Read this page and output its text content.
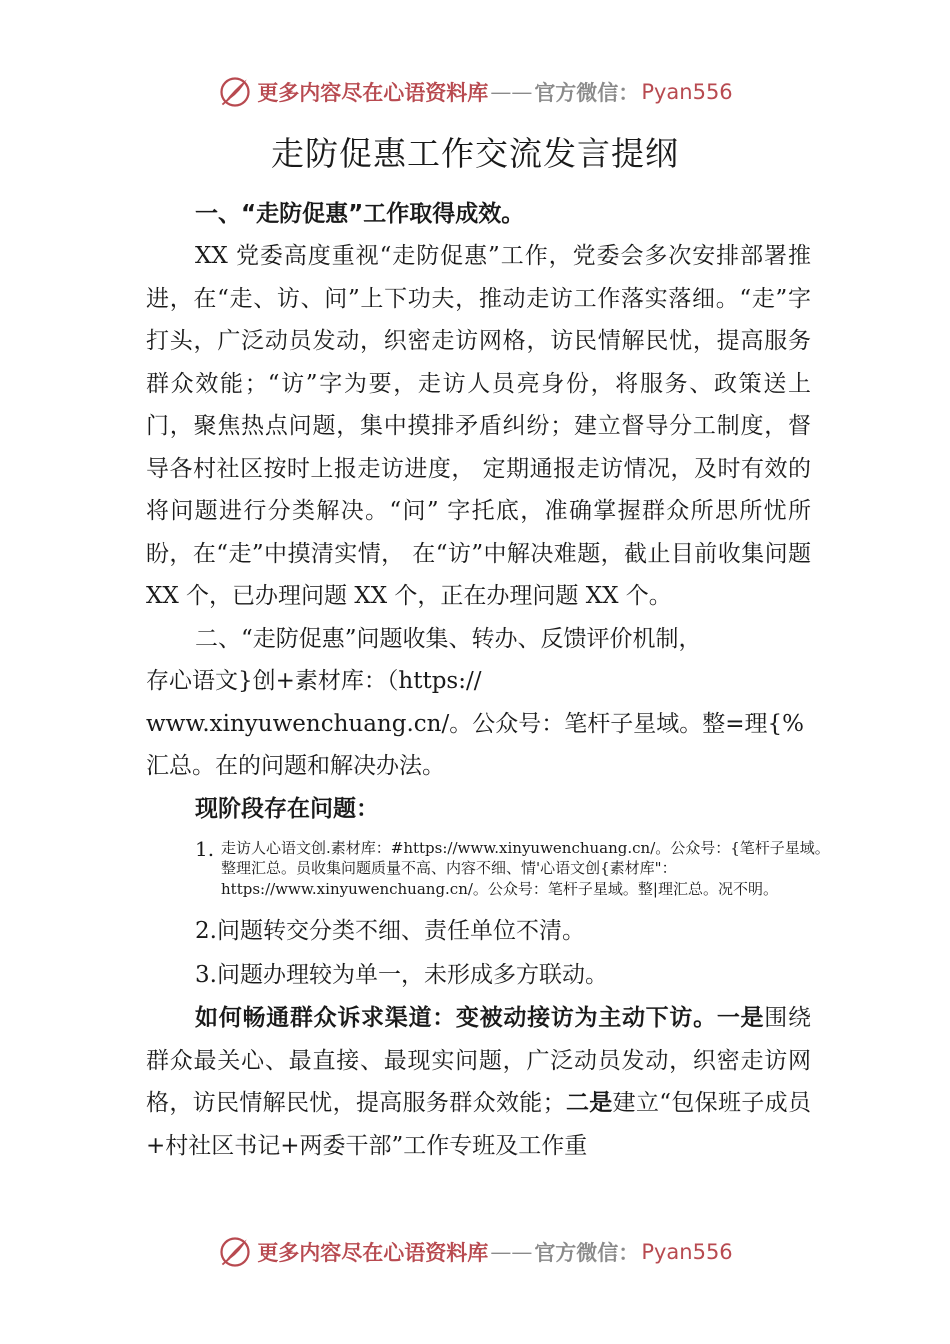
更多内容尽在心语资料库 —— 官方微信： Pyan556
走防促惠工作交流发言提纲
一、“走防促惠”工作取得成效。

XX 党委高度重视“走防促惠”工作，党委会多次安排部署推进，在“走、访、问”上下功夫，推动走访工作落实落细。“走”字打头，广泛动员发动，织密走访网格，访民情解民忧，提高服务群众效能；“访”字为要，走访人员亮身份，将服务、政策送上门，聚焦热点问题，集中摸排矛盾纠纷；建立督导分工制度，督导各村社区按时上报走访进度， 定期通报走访情况，及时有效的将问题进行分类解决。“问” 字托底，准确掌握群众所思所忧所盼，在“走”中摸清实情， 在“访”中解决难题，截止目前收集问题 XX 个，已办理问题 XX 个，正在办理问题 XX 个。

二、“走防促惠”问题收集、转办、反馈评价机制，

存心语文}创+素材库：（https://

www.xinyuwenchuang.cn/。公众号：笔杆子星域。整=理{%

汇总。在的问题和解决办法。

现阶段存在问题：
1. 走访人心语文创.素材库：#https://www.xinyuwenchuang.cn/。公众号：{笔杆子星域。整理汇总。员收集问题质量不高、内容不细、情'心语文创{素材库"：https://www.xinyuwenchuang.cn/。公众号：笔杆子星域。整|理汇总。况不明。
2.问题转交分类不细、责任单位不清。
3.问题办理较为单一，未形成多方联动。

如何畅通群众诉求渠道：变被动接访为主动下访。一是围绕群众最关心、最直接、最现实问题，广泛动员发动，织密走访网格，访民情解民忧，提高服务群众效能；二是建立“包保班子成员+村社区书记+两委干部”工作专班及工作重

更多内容尽在心语资料库 —— 官方微信： Pyan556
